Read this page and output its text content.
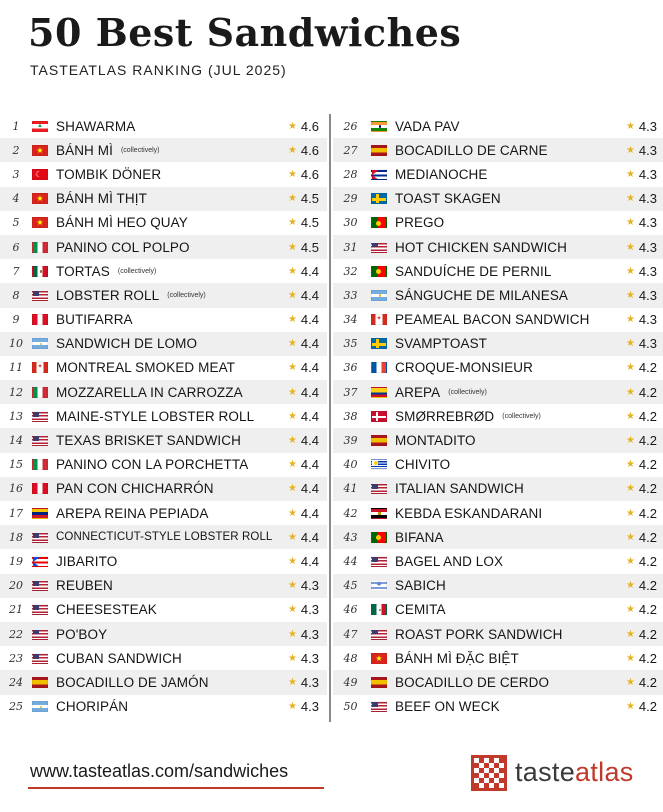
50 Best Sandwiches
TASTEATLAS RANKING (JUL 2025)
1	▲ SHAWARMA	★ 4.6
2	★ BÁNH MÌ (collectively)	★ 4.6
3	☾ TOMBIK DÖNER	★ 4.6
4	★ BÁNH MÌ THỊT	★ 4.5
5	★ BÁNH MÌ HEO QUAY	★ 4.5
6	PANINO COL POLPO	★ 4.5
7	TORTAS (collectively)	★ 4.4
8	LOBSTER ROLL (collectively)	★ 4.4
9	BUTIFARRA	★ 4.4
10	SANDWICH DE LOMO	★ 4.4
11	✦ MONTREAL SMOKED MEAT	★ 4.4
12	MOZZARELLA IN CARROZZA	★ 4.4
13	MAINE-STYLE LOBSTER ROLL	★ 4.4
14	TEXAS BRISKET SANDWICH	★ 4.4
15	PANINO CON LA PORCHETTA	★ 4.4
16	PAN CON CHICHARRÓN	★ 4.4
17	AREPA REINA PEPIADA	★ 4.4
18	CONNECTICUT-STYLE LOBSTER ROLL ★ 4.4
19	JIBARITO	★ 4.4
20	REUBEN	★ 4.3
21	CHEESESTEAK	★ 4.3
22	PO'BOY	★ 4.3
23	CUBAN SANDWICH	★ 4.3
24	BOCADILLO DE JAMÓN	★ 4.3
25	CHORIPÁN	★ 4.3
26	VADA PAV	★ 4.3
27	BOCADILLO DE CARNE	★ 4.3
28	MEDIANOCHE	★ 4.3
29	TOAST SKAGEN	★ 4.3
30	PREGO	★ 4.3
31	HOT CHICKEN SANDWICH	★ 4.3
32	SANDUÍCHE DE PERNIL	★ 4.3
33	SÁNGUCHE DE MILANESA	★ 4.3
34	✦ PEAMEAL BACON SANDWICH	★ 4.3
35	SVAMPTOAST	★ 4.3
36	CROQUE-MONSIEUR	★ 4.2
37	AREPA (collectively)	★ 4.2
38	SMØRREBRØD (collectively)	★ 4.2
39	MONTADITO	★ 4.2
40	CHIVITO	★ 4.2
41	ITALIAN SANDWICH	★ 4.2
42	KEBDA ESKANDARANI	★ 4.2
43	BIFANA	★ 4.2
44	BAGEL AND LOX	★ 4.2
45	✡ SABICH	★ 4.2
46	CEMITA	★ 4.2
47	ROAST PORK SANDWICH	★ 4.2
48	★ BÁNH MÌ ĐẶC BIỆT	★ 4.2
49	BOCADILLO DE CERDO	★ 4.2
50	BEEF ON WECK	★ 4.2
www.tasteatlas.com/sandwiches	tasteatlas
